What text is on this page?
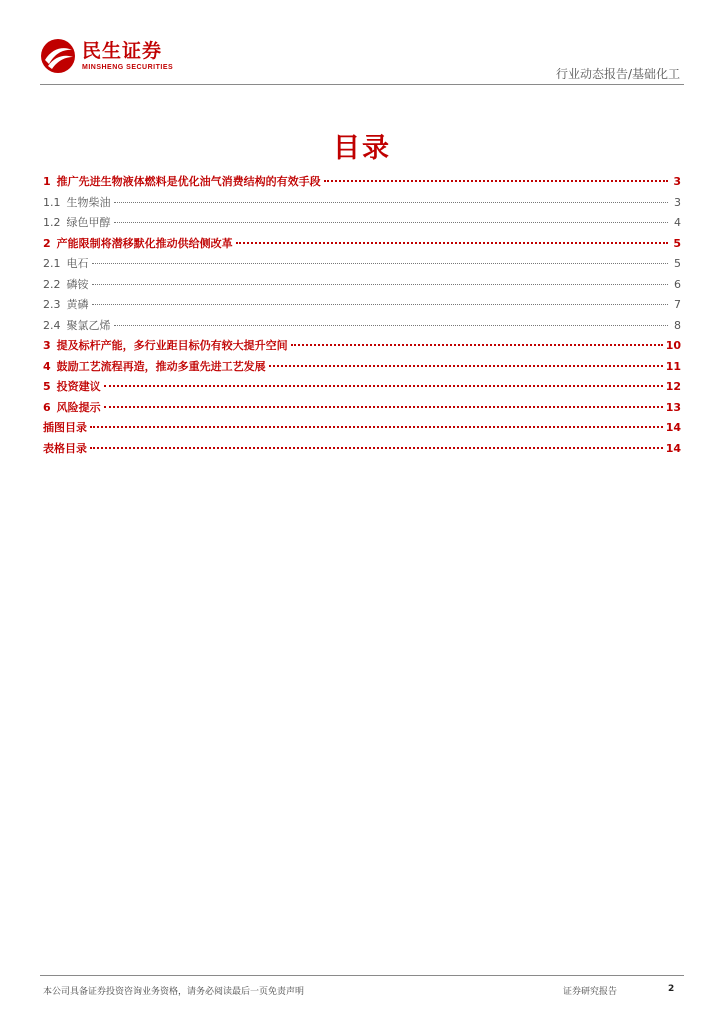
民生证券
MINSHENG SECURITIES	行业动态报告/基础化工
目录
1 推广先进生物液体燃料是优化油气消费结构的有效手段	3
1.1 生物柴油	3
1.2 绿色甲醇	4
2 产能限制将潜移默化推动供给侧改革	5
2.1 电石	5
2.2 磷铵	6
2.3 黄磷	7
2.4 聚氯乙烯	8
3 提及标杆产能，多行业距目标仍有较大提升空间	10
4 鼓励工艺流程再造，推动多重先进工艺发展	11
5 投资建议	12
6 风险提示	13
插图目录	14
表格目录	14
本公司具备证券投资咨询业务资格，请务必阅读最后一页免责声明	证券研究报告	2
